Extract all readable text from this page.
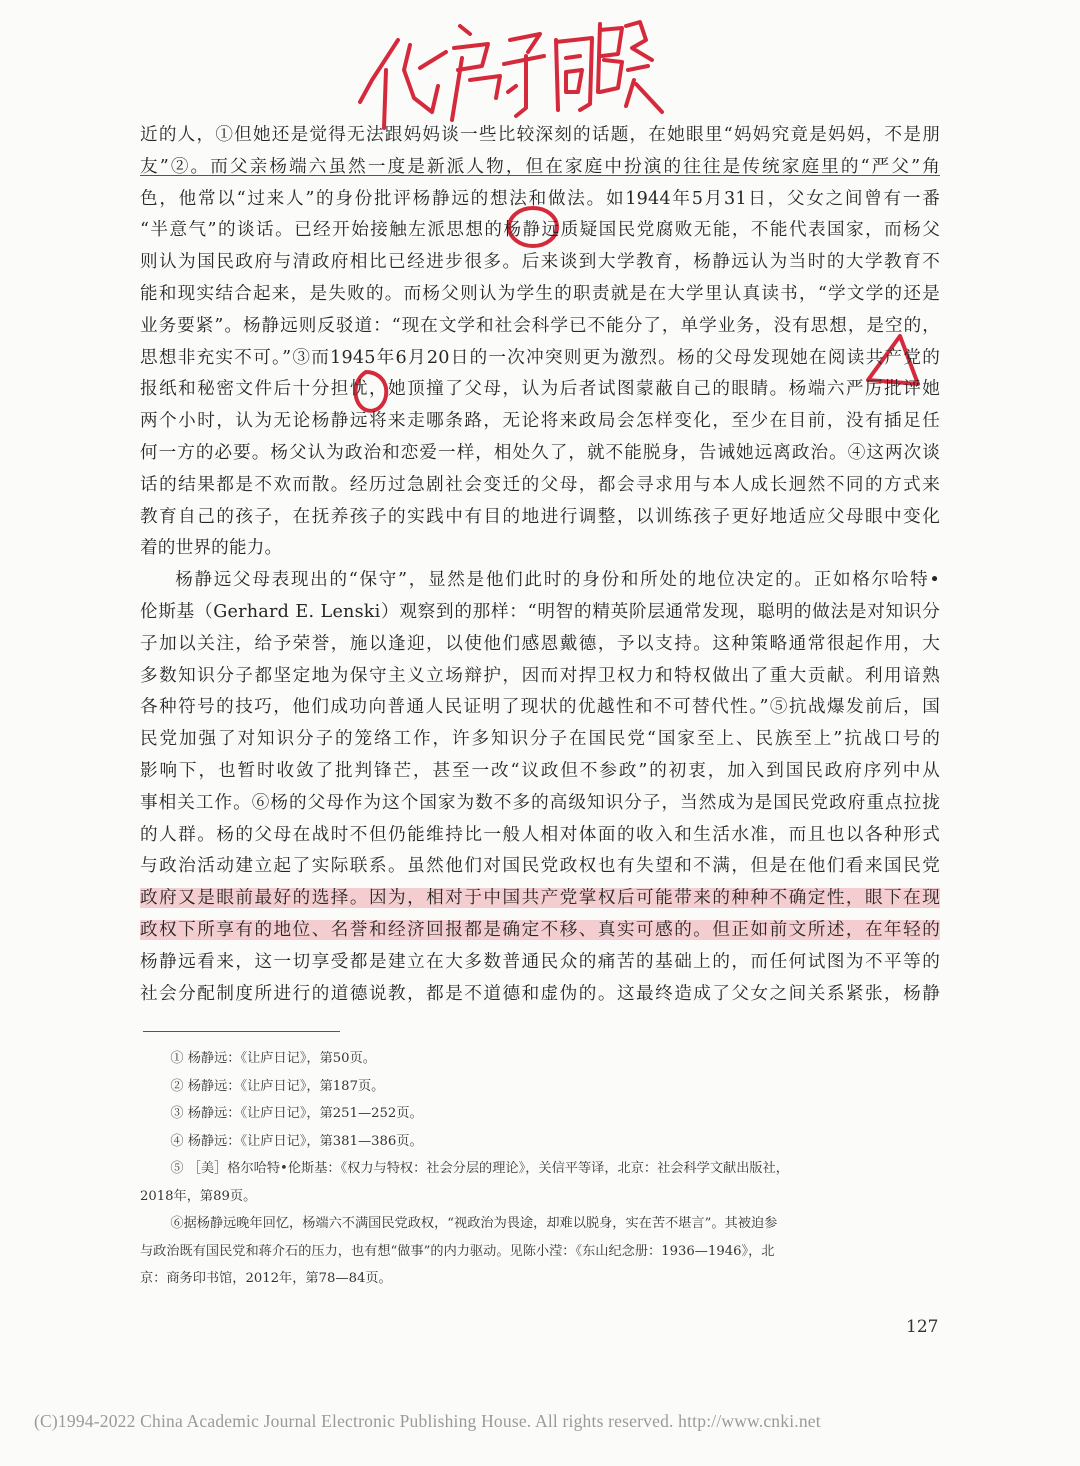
近的人，①但她还是觉得无法跟妈妈谈一些比较深刻的话题，在她眼里“妈妈究竟是妈妈，不是朋
友”②。而父亲杨端六虽然一度是新派人物，但在家庭中扮演的往往是传统家庭里的“严父”角
色，他常以“过来人”的身份批评杨静远的想法和做法。如1944年5月31日，父女之间曾有一番
“半意气”的谈话。已经开始接触左派思想的杨静远质疑国民党腐败无能，不能代表国家，而杨父
则认为国民政府与清政府相比已经进步很多。后来谈到大学教育，杨静远认为当时的大学教育不
能和现实结合起来，是失败的。而杨父则认为学生的职责就是在大学里认真读书，“学文学的还是
业务要紧”。杨静远则反驳道：“现在文学和社会科学已不能分了，单学业务，没有思想，是空的，
思想非充实不可。”③而1945年6月20日的一次冲突则更为激烈。杨的父母发现她在阅读共产党的
报纸和秘密文件后十分担忧，她顶撞了父母，认为后者试图蒙蔽自己的眼睛。杨端六严厉批评她
两个小时，认为无论杨静远将来走哪条路，无论将来政局会怎样变化，至少在目前，没有插足任
何一方的必要。杨父认为政治和恋爱一样，相处久了，就不能脱身，告诫她远离政治。④这两次谈
话的结果都是不欢而散。经历过急剧社会变迁的父母，都会寻求用与本人成长迥然不同的方式来
教育自己的孩子，在抚养孩子的实践中有目的地进行调整，以训练孩子更好地适应父母眼中变化

着的世界的能力。

杨静远父母表现出的“保守”，显然是他们此时的身份和所处的地位决定的。正如格尔哈特•

伦斯基（Gerhard E. Lenski）观察到的那样：“明智的精英阶层通常发现，聪明的做法是对知识分
子加以关注，给予荣誉，施以逢迎，以使他们感恩戴德，予以支持。这种策略通常很起作用，大
多数知识分子都坚定地为保守主义立场辩护，因而对捍卫权力和特权做出了重大贡献。利用谙熟
各种符号的技巧，他们成功向普通人民证明了现状的优越性和不可替代性。”⑤抗战爆发前后，国
民党加强了对知识分子的笼络工作，许多知识分子在国民党“国家至上、民族至上”抗战口号的
影响下，也暂时收敛了批判锋芒，甚至一改“议政但不参政”的初衷，加入到国民政府序列中从
事相关工作。⑥杨的父母作为这个国家为数不多的高级知识分子，当然成为是国民党政府重点拉拢
的人群。杨的父母在战时不但仍能维持比一般人相对体面的收入和生活水准，而且也以各种形式
与政治活动建立起了实际联系。虽然他们对国民党政权也有失望和不满，但是在他们看来国民党
政府又是眼前最好的选择。因为，相对于中国共产党掌权后可能带来的种种不确定性，眼下在现
政权下所享有的地位、名誉和经济回报都是确定不移、真实可感的。但正如前文所述，在年轻的
杨静远看来，这一切享受都是建立在大多数普通民众的痛苦的基础上的，而任何试图为不平等的
社会分配制度所进行的道德说教，都是不道德和虚伪的。这最终造成了父女之间关系紧张，杨静

① 杨静远：《让庐日记》，第50页。

② 杨静远：《让庐日记》，第187页。

③ 杨静远：《让庐日记》，第251—252页。

④ 杨静远：《让庐日记》，第381—386页。

⑤ ［美］格尔哈特•伦斯基：《权力与特权：社会分层的理论》，关信平等译，北京：社会科学文献出版社，

2018年，第89页。

⑥据杨静远晚年回忆，杨端六不满国民党政权，“视政治为畏途，却难以脱身，实在苦不堪言”。其被迫参

与政治既有国民党和蒋介石的压力，也有想“做事”的内力驱动。见陈小滢：《东山纪念册：1936—1946》，北

京：商务印书馆，2012年，第78—84页。

127
(C)1994-2022 China Academic Journal Electronic Publishing House. All rights reserved. http://www.cnki.net
